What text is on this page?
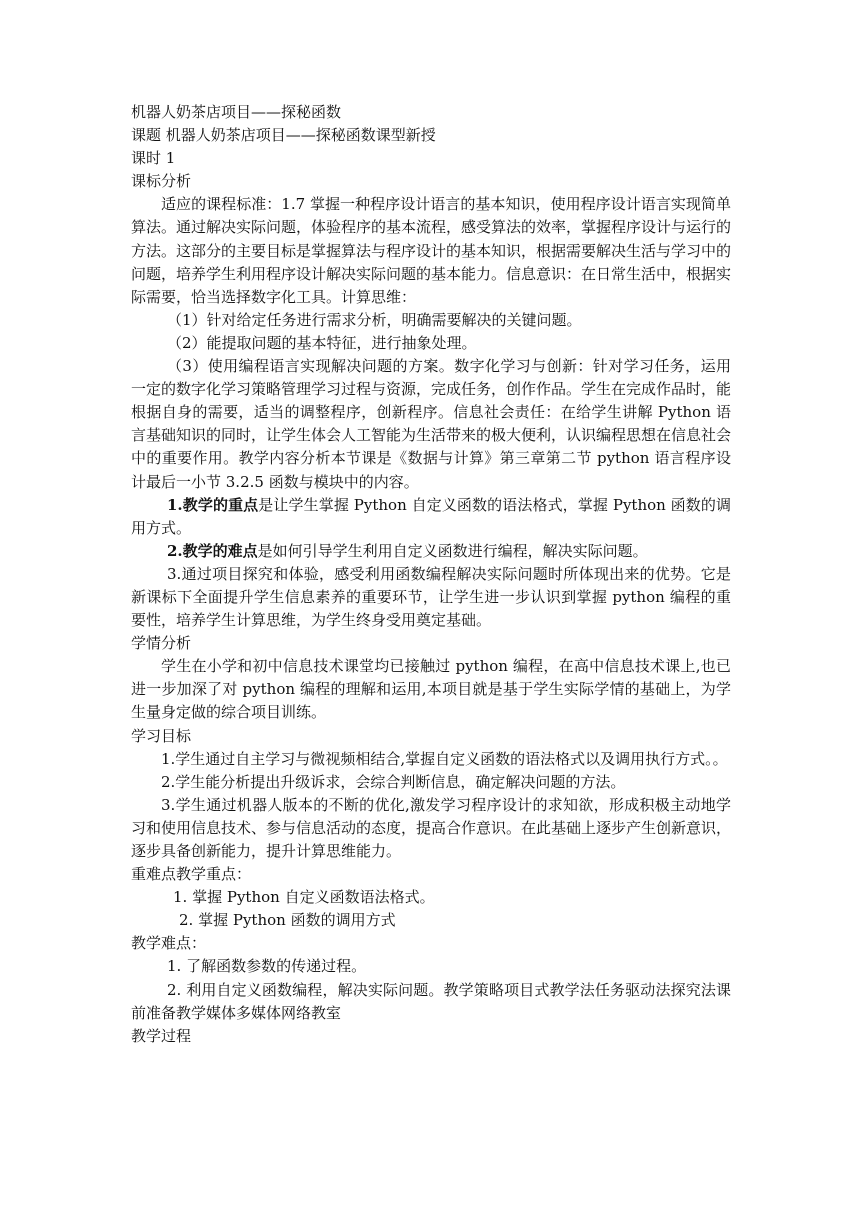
机器人奶茶店项目——探秘函数

课题 机器人奶茶店项目——探秘函数课型新授

课时 1

课标分析

适应的课程标准：1.7 掌握一种程序设计语言的基本知识，使用程序设计语言实现简单算法。通过解决实际问题，体验程序的基本流程，感受算法的效率，掌握程序设计与运行的方法。这部分的主要目标是掌握算法与程序设计的基本知识，根据需要解决生活与学习中的问题，培养学生利用程序设计解决实际问题的基本能力。信息意识：在日常生活中，根据实际需要，恰当选择数字化工具。计算思维：

（1）针对给定任务进行需求分析，明确需要解决的关键问题。

（2）能提取问题的基本特征，进行抽象处理。

（3）使用编程语言实现解决问题的方案。数字化学习与创新：针对学习任务，运用一定的数字化学习策略管理学习过程与资源，完成任务，创作作品。学生在完成作品时，能根据自身的需要，适当的调整程序，创新程序。信息社会责任：在给学生讲解 Python 语言基础知识的同时，让学生体会人工智能为生活带来的极大便利，认识编程思想在信息社会中的重要作用。教学内容分析本节课是《数据与计算》第三章第二节 python 语言程序设计最后一小节 3.2.5 函数与模块中的内容。

1.教学的重点是让学生掌握 Python 自定义函数的语法格式，掌握 Python 函数的调用方式。

2.教学的难点是如何引导学生利用自定义函数进行编程，解决实际问题。

3.通过项目探究和体验，感受利用函数编程解决实际问题时所体现出来的优势。它是新课标下全面提升学生信息素养的重要环节，让学生进一步认识到掌握 python 编程的重要性，培养学生计算思维，为学生终身受用奠定基础。

学情分析

学生在小学和初中信息技术课堂均已接触过 python 编程，在高中信息技术课上,也已进一步加深了对 python 编程的理解和运用,本项目就是基于学生实际学情的基础上，为学生量身定做的综合项目训练。

学习目标

1.学生通过自主学习与微视频相结合,掌握自定义函数的语法格式以及调用执行方式。。

2.学生能分析提出升级诉求，会综合判断信息，确定解决问题的方法。

3.学生通过机器人版本的不断的优化,激发学习程序设计的求知欲，形成积极主动地学习和使用信息技术、参与信息活动的态度，提高合作意识。在此基础上逐步产生创新意识，逐步具备创新能力，提升计算思维能力。

重难点教学重点：

1. 掌握 Python 自定义函数语法格式。

2. 掌握 Python 函数的调用方式

教学难点：

1. 了解函数参数的传递过程。

2. 利用自定义函数编程，解决实际问题。教学策略项目式教学法任务驱动法探究法课前准备教学媒体多媒体网络教室

教学过程
